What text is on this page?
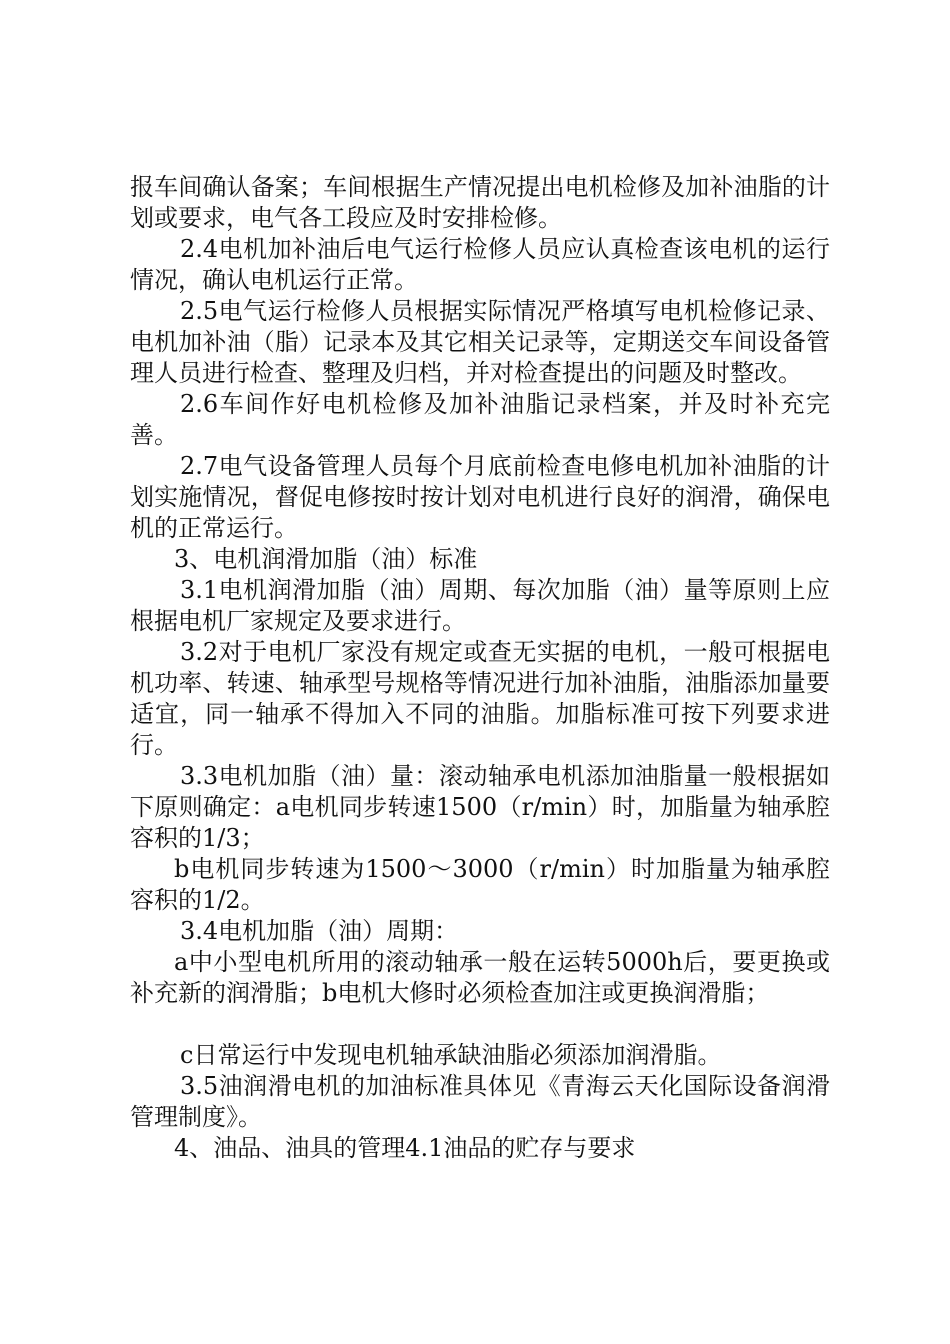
报车间确认备案；车间根据生产情况提出电机检修及加补油脂的计划或要求，电气各工段应及时安排检修。

2.4电机加补油后电气运行检修人员应认真检查该电机的运行情况，确认电机运行正常。

2.5电气运行检修人员根据实际情况严格填写电机检修记录、电机加补油（脂）记录本及其它相关记录等，定期送交车间设备管理人员进行检查、整理及归档，并对检查提出的问题及时整改。

2.6车间作好电机检修及加补油脂记录档案，并及时补充完善。

2.7电气设备管理人员每个月底前检查电修电机加补油脂的计划实施情况，督促电修按时按计划对电机进行良好的润滑，确保电机的正常运行。

3、电机润滑加脂（油）标准

3.1电机润滑加脂（油）周期、每次加脂（油）量等原则上应根据电机厂家规定及要求进行。

3.2对于电机厂家没有规定或查无实据的电机，一般可根据电机功率、转速、轴承型号规格等情况进行加补油脂，油脂添加量要适宜，同一轴承不得加入不同的油脂。加脂标准可按下列要求进行。

3.3电机加脂（油）量：滚动轴承电机添加油脂量一般根据如下原则确定：a电机同步转速1500（r/min）时，加脂量为轴承腔容积的1/3；

b电机同步转速为1500～3000（r/min）时加脂量为轴承腔容积的1/2。

3.4电机加脂（油）周期：

a中小型电机所用的滚动轴承一般在运转5000h后，要更换或补充新的润滑脂；b电机大修时必须检查加注或更换润滑脂；

c日常运行中发现电机轴承缺油脂必须添加润滑脂。

3.5油润滑电机的加油标准具体见《青海云天化国际设备润滑管理制度》。

4、油品、油具的管理4.1油品的贮存与要求
